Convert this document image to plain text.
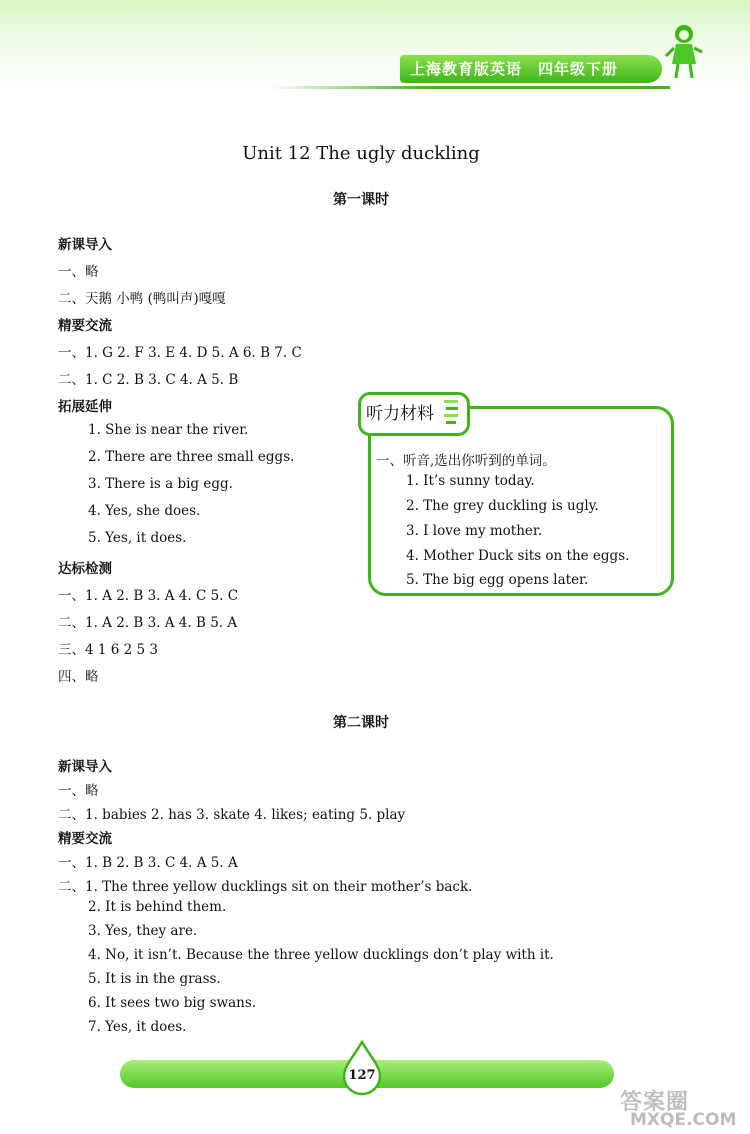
上海教育版英语 四年级下册
Unit 12 The ugly duckling
第一课时
新课导入
一、略
二、天鹅 小鸭 (鸭叫声)嘎嘎
精要交流
一、1. G 2. F 3. E 4. D 5. A 6. B 7. C
二、1. C 2. B 3. C 4. A 5. B
拓展延伸
1. She is near the river.
2. There are three small eggs.
3. There is a big egg.
4. Yes, she does.
5. Yes, it does.
达标检测
一、1. A 2. B 3. A 4. C 5. C
二、1. A 2. B 3. A 4. B 5. A
三、4 1 6 2 5 3
四、略
听力材料
一、听音,选出你听到的单词。
1. It’s sunny today.
2. The grey duckling is ugly.
3. I love my mother.
4. Mother Duck sits on the eggs.
5. The big egg opens later.
第二课时
新课导入
一、略
二、1. babies 2. has 3. skate 4. likes; eating 5. play
精要交流
一、1. B 2. B 3. C 4. A 5. A
二、1. The three yellow ducklings sit on their mother’s back.
2. It is behind them.
3. Yes, they are.
4. No, it isn’t. Because the three yellow ducklings don’t play with it.
5. It is in the grass.
6. It sees two big swans.
7. Yes, it does.
127
答案圈
MXQE.COM
